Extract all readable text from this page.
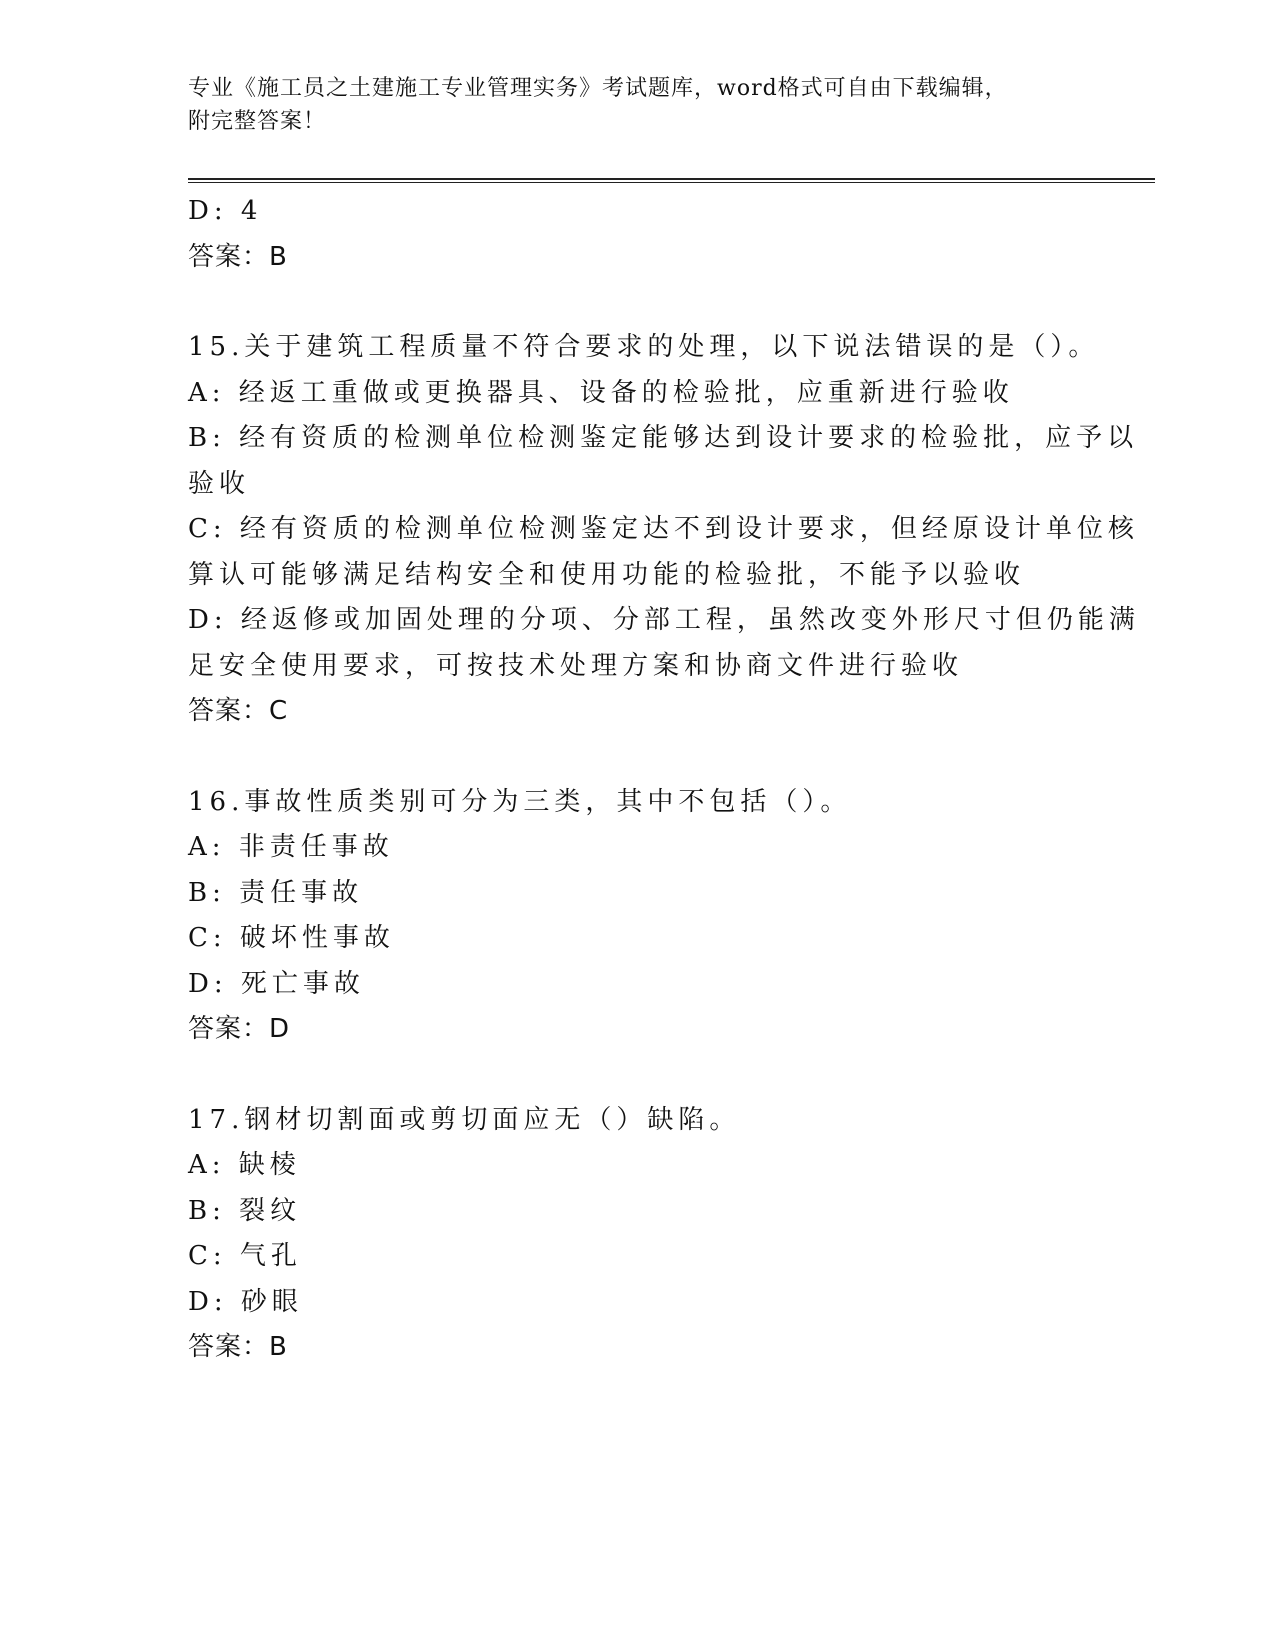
专业《施工员之土建施工专业管理实务》考试题库，word格式可自由下载编辑，
附完整答案！
D: 4
答案：B
15.关于建筑工程质量不符合要求的处理，以下说法错误的是（）。
A: 经返工重做或更换器具、设备的检验批，应重新进行验收
B: 经有资质的检测单位检测鉴定能够达到设计要求的检验批，应予以
验收
C: 经有资质的检测单位检测鉴定达不到设计要求，但经原设计单位核
算认可能够满足结构安全和使用功能的检验批，不能予以验收
D: 经返修或加固处理的分项、分部工程，虽然改变外形尺寸但仍能满
足安全使用要求，可按技术处理方案和协商文件进行验收
答案：C
16.事故性质类别可分为三类，其中不包括（）。
A: 非责任事故
B: 责任事故
C: 破坏性事故
D: 死亡事故
答案：D
17.钢材切割面或剪切面应无（）缺陷。
A: 缺棱
B: 裂纹
C: 气孔
D: 砂眼
答案：B
